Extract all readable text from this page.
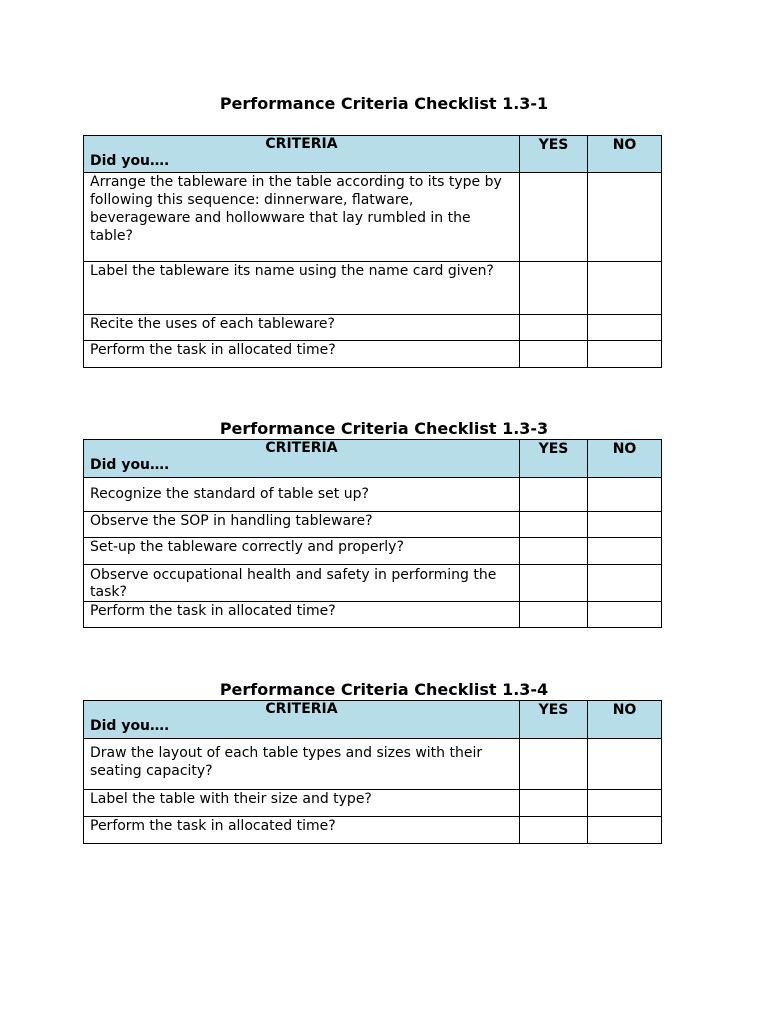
Performance Criteria Checklist 1.3-1
CRITERIA
Did you….	YES	NO
Arrange the tableware in the table according to its type by following this sequence: dinnerware, flatware, beverageware and hollowware that lay rumbled in the table?		
Label the tableware its name using the name card given?		
Recite the uses of each tableware?		
Perform the task in allocated time?		
Performance Criteria Checklist 1.3-3
CRITERIA
Did you….	YES	NO
Recognize the standard of table set up?		
Observe the SOP in handling tableware?		
Set-up the tableware correctly and properly?		
Observe occupational health and safety in performing the task?		
Perform the task in allocated time?		
Performance Criteria Checklist 1.3-4
CRITERIA
Did you….	YES	NO
Draw the layout of each table types and sizes with their seating capacity?		
Label the table with their size and type?		
Perform the task in allocated time?		
